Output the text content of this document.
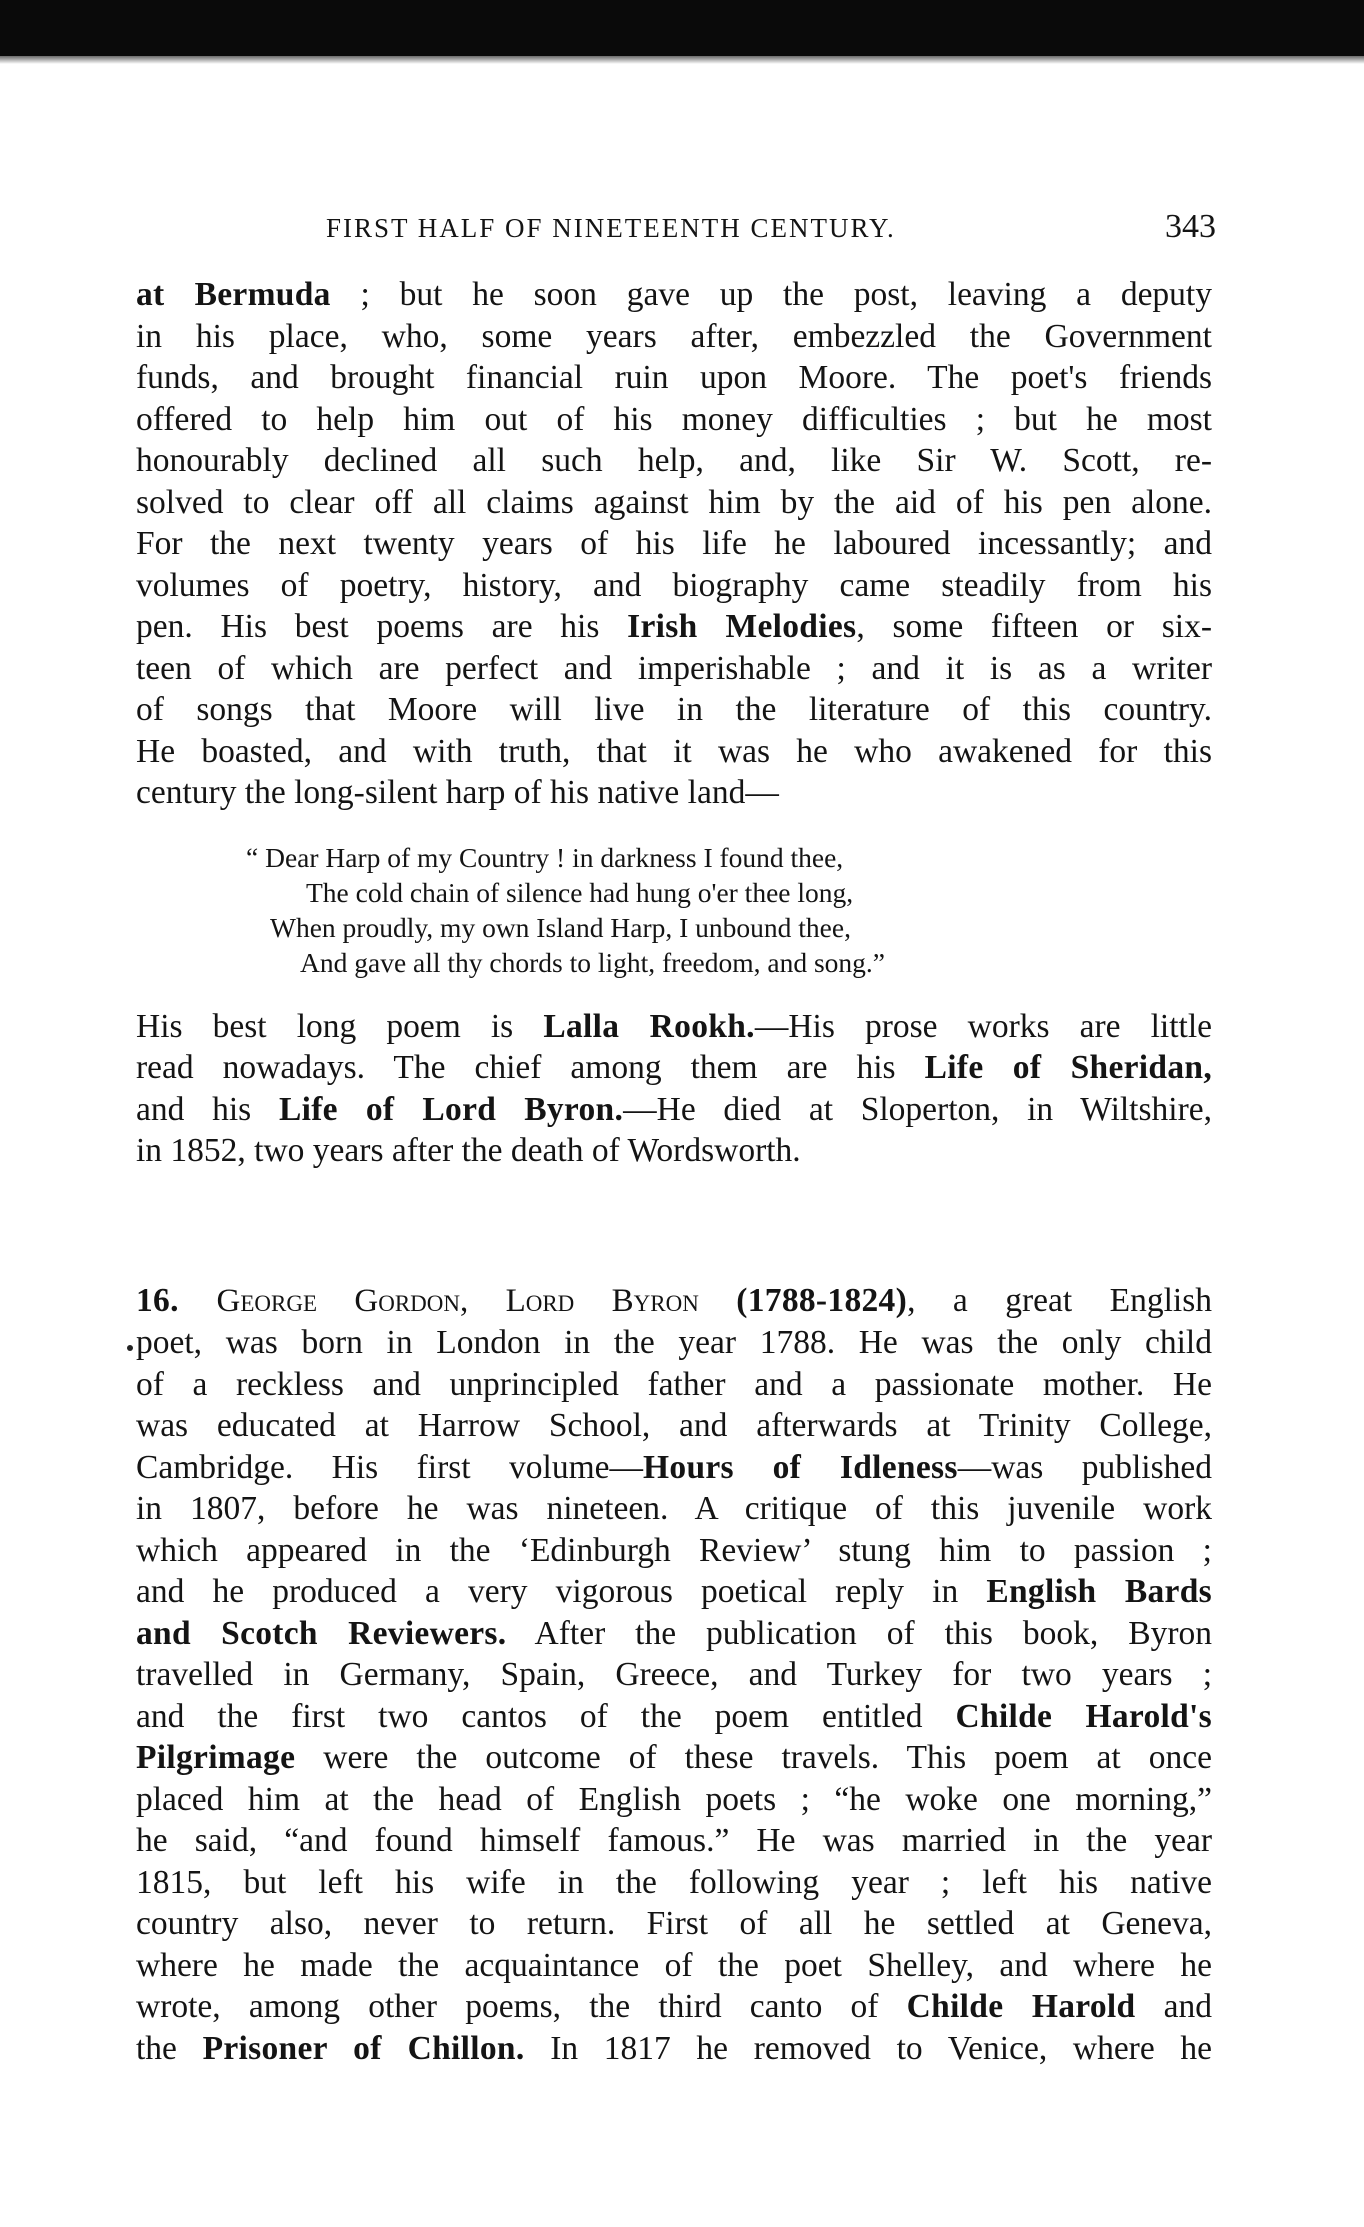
FIRST HALF OF NINETEENTH CENTURY.	343
at Bermuda ; but he soon gave up the post, leaving a deputy
in his place, who, some years after, embezzled the Government
funds, and brought financial ruin upon Moore. The poet's friends
offered to help him out of his money difficulties ; but he most
honourably declined all such help, and, like Sir W. Scott, re-
solved to clear off all claims against him by the aid of his pen alone.
For the next twenty years of his life he laboured incessantly; and
volumes of poetry, history, and biography came steadily from his
pen. His best poems are his Irish Melodies, some fifteen or six-
teen of which are perfect and imperishable ; and it is as a writer
of songs that Moore will live in the literature of this country.
He boasted, and with truth, that it was he who awakened for this
century the long-silent harp of his native land—
“ Dear Harp of my Country ! in darkness I found thee,
The cold chain of silence had hung o'er thee long,
When proudly, my own Island Harp, I unbound thee,
And gave all thy chords to light, freedom, and song.”
His best long poem is Lalla Rookh.—His prose works are little
read nowadays. The chief among them are his Life of Sheridan,
and his Life of Lord Byron.—He died at Sloperton, in Wiltshire,
in 1852, two years after the death of Wordsworth.
16. George Gordon, Lord Byron (1788-1824), a great English
poet, was born in London in the year 1788. He was the only child
of a reckless and unprincipled father and a passionate mother. He
was educated at Harrow School, and afterwards at Trinity College,
Cambridge. His first volume—Hours of Idleness—was published
in 1807, before he was nineteen. A critique of this juvenile work
which appeared in the ‘Edinburgh Review’ stung him to passion ;
and he produced a very vigorous poetical reply in English Bards
and Scotch Reviewers. After the publication of this book, Byron
travelled in Germany, Spain, Greece, and Turkey for two years ;
and the first two cantos of the poem entitled Childe Harold's
Pilgrimage were the outcome of these travels. This poem at once
placed him at the head of English poets ; “he woke one morning,”
he said, “and found himself famous.” He was married in the year
1815, but left his wife in the following year ; left his native
country also, never to return. First of all he settled at Geneva,
where he made the acquaintance of the poet Shelley, and where he
wrote, among other poems, the third canto of Childe Harold and
the Prisoner of Chillon. In 1817 he removed to Venice, where he
